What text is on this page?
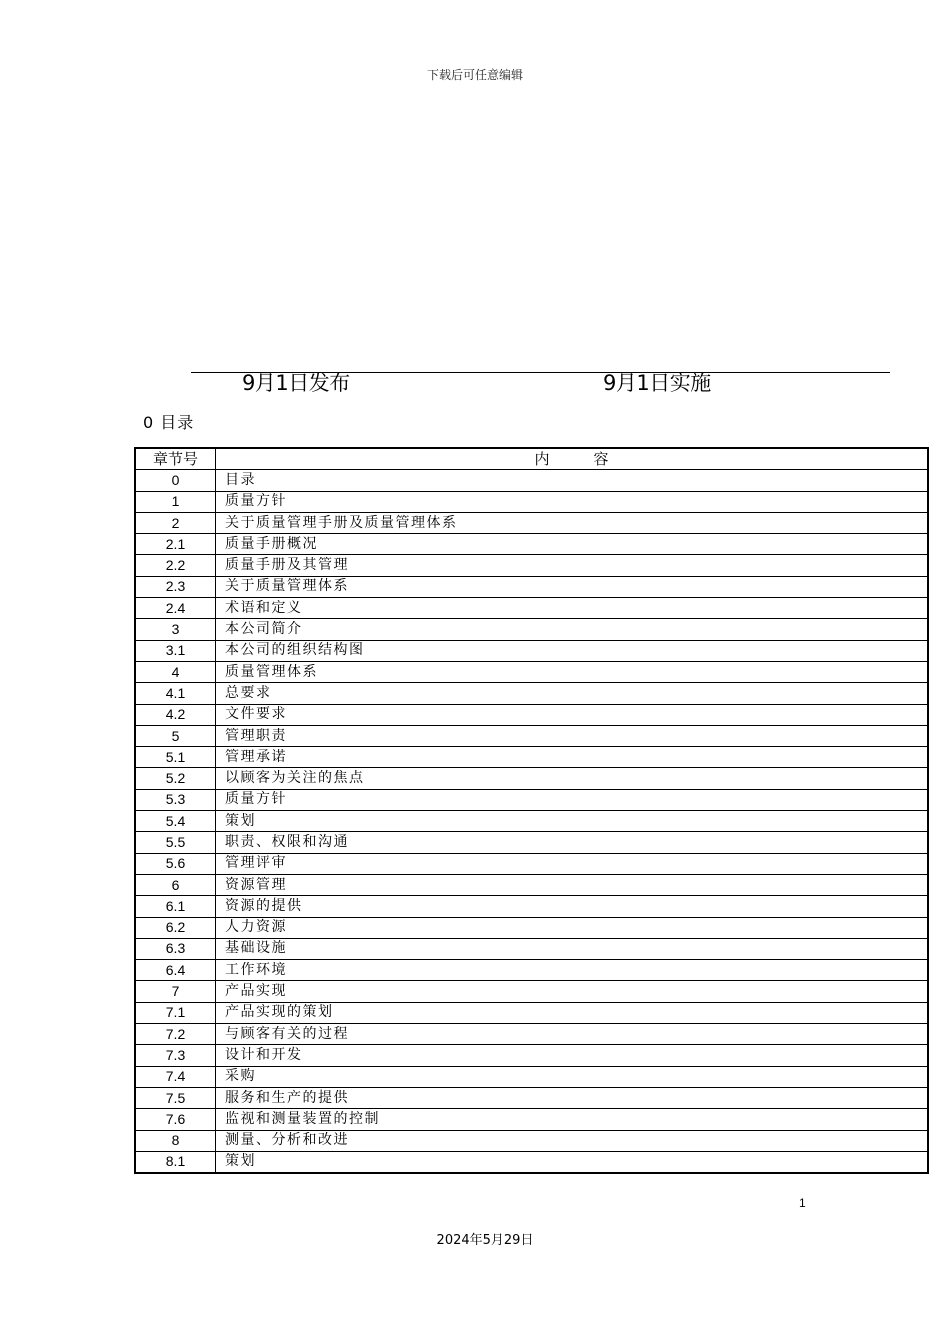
下载后可任意编辑
9月1日发布	9月1日实施
0 目录
章节号	内 容
0	目录
1	质量方针
2	关于质量管理手册及质量管理体系
2.1	质量手册概况
2.2	质量手册及其管理
2.3	关于质量管理体系
2.4	术语和定义
3	本公司简介
3.1	本公司的组织结构图
4	质量管理体系
4.1	总要求
4.2	文件要求
5	管理职责
5.1	管理承诺
5.2	以顾客为关注的焦点
5.3	质量方针
5.4	策划
5.5	职责、权限和沟通
5.6	管理评审
6	资源管理
6.1	资源的提供
6.2	人力资源
6.3	基础设施
6.4	工作环境
7	产品实现
7.1	产品实现的策划
7.2	与顾客有关的过程
7.3	设计和开发
7.4	采购
7.5	服务和生产的提供
7.6	监视和测量装置的控制
8	测量、分析和改进
8.1	策划
1
2024年5月29日
